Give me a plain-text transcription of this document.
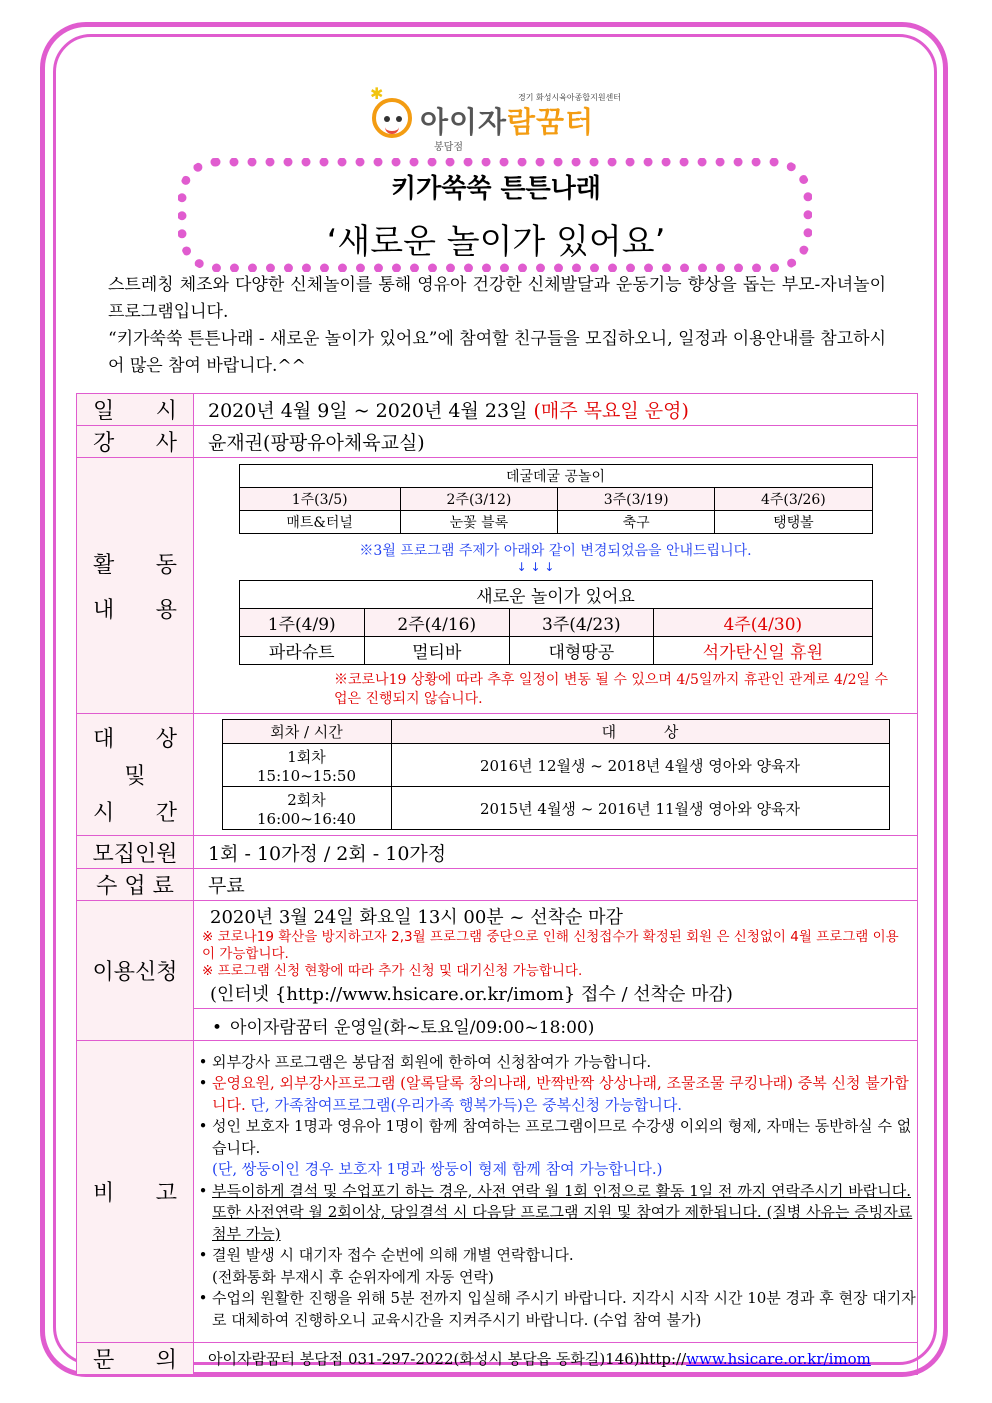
✱	경기 화성시육아종합지원센터
아이자람꿈터
봉담점
키가쑥쑥 튼튼나래
‘새로운 놀이가 있어요’

스트레칭 체조와 다양한 신체놀이를 통해 영유아 건강한 신체발달과 운동기능 향상을 돕는 부모-자녀놀이프로그램입니다.

“키가쑥쑥 튼튼나래 - 새로운 놀이가 있어요”에 참여할 친구들을 모집하오니, 일정과 이용안내를 참고하시어 많은 참여 바랍니다.^^

일 시	2020년 4월 9일 ~ 2020년 4월 23일 (매주 목요일 운영)

강 사	윤재권(팡팡유아체육교실)

활 동
내 용

데굴데굴 공놀이
1주(3/5)	2주(3/12)	3주(3/19)	4주(3/26)
매트&터널	눈꽃 블록	축구	탱탱볼
※3월 프로그램 주제가 아래와 같이 변경되었음을 안내드립니다.
↓ ↓ ↓
새로운 놀이가 있어요
1주(4/9)	2주(4/16)	3주(4/23)	4주(4/30)
파라슈트	멀티바	대형땅공	석가탄신일 휴원
※코로나19 상황에 따라 추후 일정이 변동 될 수 있으며 4/5일까지 휴관인 관계로 4/2일 수업은 진행되지 않습니다.

대 상
및
시 간

회차 / 시간	대          상

1회차
15:10~15:50
	2016년 12월생 ~ 2018년 4월생 영아와 양육자

2회차
16:00~16:40
	2015년 4월생 ~ 2016년 11월생 영아와 양육자

모집인원	1회 - 10가정 / 2회 - 10가정
수 업 료	무료
이용신청	
2020년 3월 24일 화요일 13시 00분 ~ 선착순 마감
※ 코로나19 확산을 방지하고자 2,3월 프로그램 중단으로 인해 신청접수가 확정된 회원 은 신청없이 4월 프로그램 이용이 가능합니다.
※ 프로그램 신청 현황에 따라 추가 신청 및 대기신청 가능합니다.
(인터넷 {http://www.hsicare.or.kr/imom} 접수 / 선착순 마감)
• 아이자람꿈터 운영일(화~토요일/09:00~18:00)

비 고

• 외부강사 프로그램은 봉담점 회원에 한하여 신청참여가 가능합니다.
• 운영요원, 외부강사프로그램 (알록달록 창의나래, 반짝반짝 상상나래, 조물조물 쿠킹나래) 중복 신청 불가합니다. 단, 가족참여프로그램(우리가족 행복가득)은 중복신청 가능합니다.
• 성인 보호자 1명과 영유아 1명이 함께 참여하는 프로그램이므로 수강생 이외의 형제, 자매는 동반하실 수 없습니다.
(단, 쌍둥이인 경우 보호자 1명과 쌍둥이 형제 함께 참여 가능합니다.)
• 부득이하게 결석 및 수업포기 하는 경우, 사전 연락 월 1회 인정으로 활동 1일 전 까지 연락주시기 바랍니다. 또한 사전연락 월 2회이상, 당일결석 시 다음달 프로그램 지원 및 참여가 제한됩니다. (질병 사유는 증빙자료 첨부 가능)
• 결원 발생 시 대기자 접수 순번에 의해 개별 연락합니다.
(전화통화 부재시 후 순위자에게 자동 연락)
• 수업의 원활한 진행을 위해 5분 전까지 입실해 주시기 바랍니다. 지각시 시작 시간 10분 경과 후 현장 대기자로 대체하여 진행하오니 교육시간을 지켜주시기 바랍니다. (수업 참여 불가)

문 의	아이자람꿈터 봉담점 031-297-2022(화성시 봉담읍 동화길)146)http://www.hsicare.or.kr/imom
